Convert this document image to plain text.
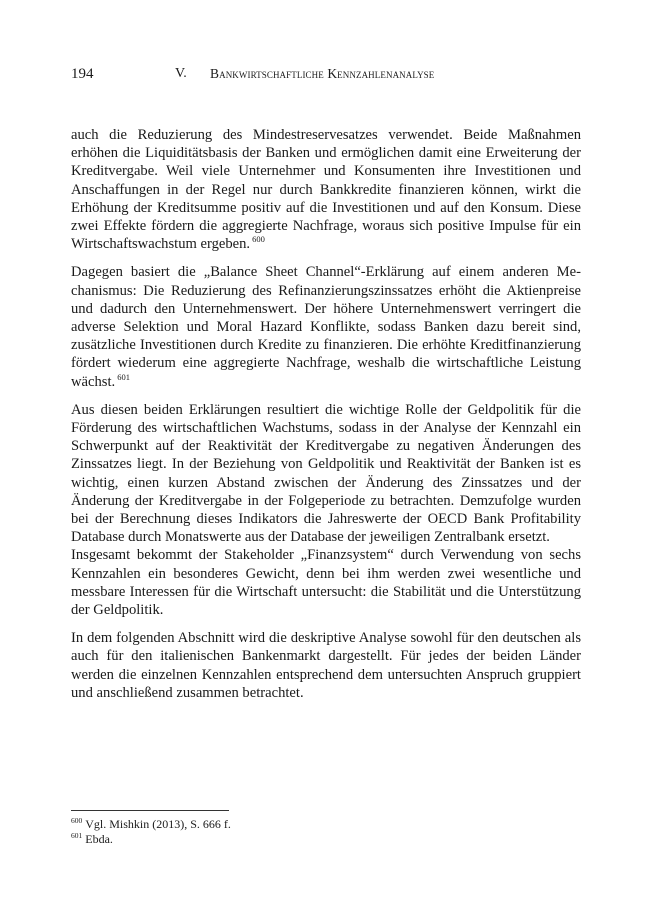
194	V. Bankwirtschaftliche Kennzahlenanalyse

auch die Reduzierung des Mindestreservesatzes verwendet. Beide Maßnahmen erhöhen die Liquiditätsbasis der Banken und ermöglichen damit eine Erweiterung der Kreditvergabe. Weil viele Unternehmer und Konsumenten ihre Investitionen und Anschaffungen in der Regel nur durch Bankkredite finanzieren können, wirkt die Erhöhung der Kreditsumme positiv auf die Investitionen und auf den Konsum. Diese zwei Effekte fördern die aggregierte Nachfrage, woraus sich positive Impulse für ein Wirtschaftswachstum ergeben. $^{600}$

Dagegen basiert die „Balance Sheet Channel“-Erklärung auf einem anderen Mechanismus: Die Reduzierung des Refinanzierungszinssatzes erhöht die Aktienpreise und dadurch den Unternehmenswert. Der höhere Unternehmenswert verringert die adverse Selektion und Moral Hazard Konflikte, sodass Banken dazu bereit sind, zusätzliche Investitionen durch Kredite zu finanzieren. Die erhöhte Kreditfinanzierung fördert wiederum eine aggregierte Nachfrage, weshalb die wirtschaftliche Leistung wächst. $^{601}$

Aus diesen beiden Erklärungen resultiert die wichtige Rolle der Geldpolitik für die Förderung des wirtschaftlichen Wachstums, sodass in der Analyse der Kennzahl ein Schwerpunkt auf der Reaktivität der Kreditvergabe zu negativen Änderungen des Zinssatzes liegt. In der Beziehung von Geldpolitik und Reaktivität der Banken ist es wichtig, einen kurzen Abstand zwischen der Änderung des Zinssatzes und der Änderung der Kreditvergabe in der Folgeperiode zu betrachten. Demzufolge wurden bei der Berechnung dieses Indikators die Jahreswerte der OECD Bank Profitability Database durch Monatswerte aus der Database der jeweiligen Zentralbank ersetzt.

Insgesamt bekommt der Stakeholder „Finanzsystem“ durch Verwendung von sechs Kennzahlen ein besonderes Gewicht, denn bei ihm werden zwei wesentliche und messbare Interessen für die Wirtschaft untersucht: die Stabilität und die Unterstützung der Geldpolitik.

In dem folgenden Abschnitt wird die deskriptive Analyse sowohl für den deutschen als auch für den italienischen Bankenmarkt dargestellt. Für jedes der beiden Länder werden die einzelnen Kennzahlen entsprechend dem untersuchten Anspruch gruppiert und anschließend zusammen betrachtet.

$^{600}$ Vgl. Mishkin (2013), S. 666 f.
$^{601}$ Ebda.
